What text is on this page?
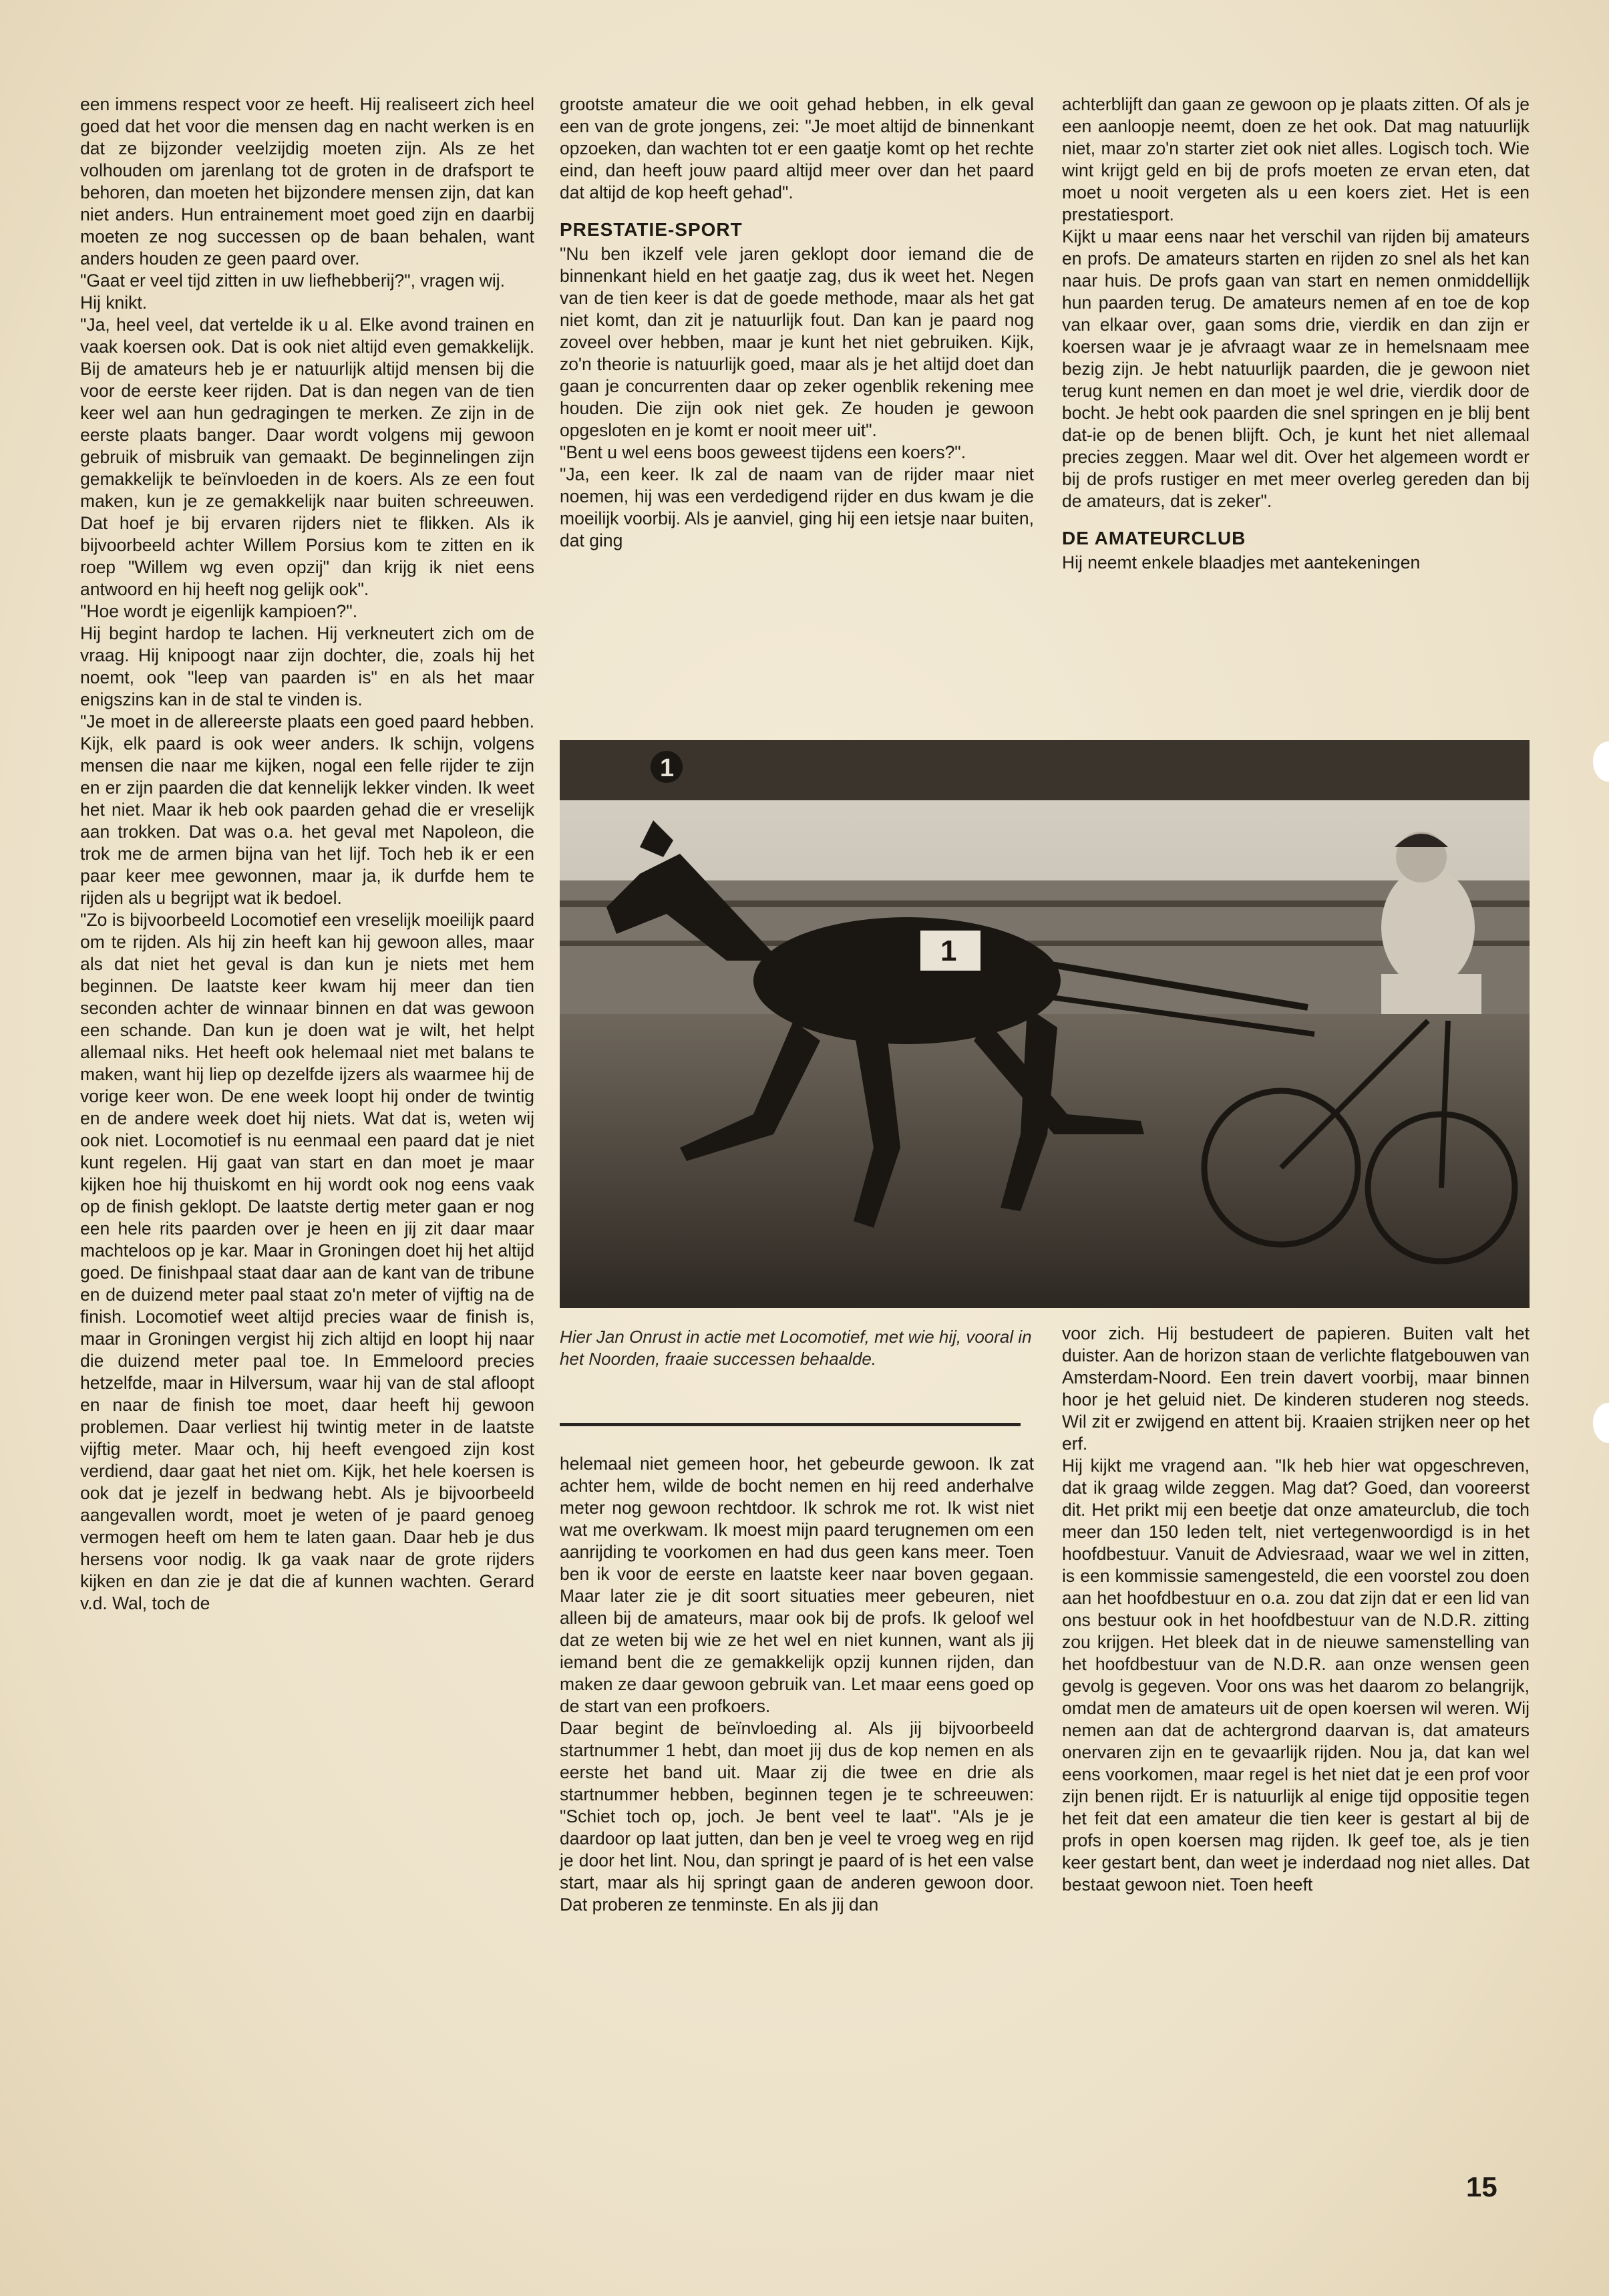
een immens respect voor ze heeft. Hij realiseert zich heel goed dat het voor die mensen dag en nacht werken is en dat ze bijzonder veelzijdig moeten zijn. Als ze het volhouden om jarenlang tot de groten in de drafsport te behoren, dan moeten het bijzondere mensen zijn, dat kan niet anders. Hun entrainement moet goed zijn en daarbij moeten ze nog successen op de baan behalen, want anders houden ze geen paard over.

"Gaat er veel tijd zitten in uw liefhebberij?", vragen wij.

Hij knikt.

"Ja, heel veel, dat vertelde ik u al. Elke avond trainen en vaak koersen ook. Dat is ook niet altijd even gemakkelijk. Bij de amateurs heb je er natuurlijk altijd mensen bij die voor de eerste keer rijden. Dat is dan negen van de tien keer wel aan hun gedragingen te merken. Ze zijn in de eerste plaats banger. Daar wordt volgens mij gewoon gebruik of misbruik van gemaakt. De beginnelingen zijn gemakkelijk te beïnvloeden in de koers. Als ze een fout maken, kun je ze gemakkelijk naar buiten schreeuwen. Dat hoef je bij ervaren rijders niet te flikken. Als ik bijvoorbeeld achter Willem Porsius kom te zitten en ik roep "Willem wg even opzij" dan krijg ik niet eens antwoord en hij heeft nog gelijk ook".

"Hoe wordt je eigenlijk kampioen?".

Hij begint hardop te lachen. Hij verkneutert zich om de vraag. Hij knipoogt naar zijn dochter, die, zoals hij het noemt, ook "leep van paarden is" en als het maar enigszins kan in de stal te vinden is.

"Je moet in de allereerste plaats een goed paard hebben. Kijk, elk paard is ook weer anders. Ik schijn, volgens mensen die naar me kijken, nogal een felle rijder te zijn en er zijn paarden die dat kennelijk lekker vinden. Ik weet het niet. Maar ik heb ook paarden gehad die er vreselijk aan trokken. Dat was o.a. het geval met Napoleon, die trok me de armen bijna van het lijf. Toch heb ik er een paar keer mee gewonnen, maar ja, ik durfde hem te rijden als u begrijpt wat ik bedoel.

"Zo is bijvoorbeeld Locomotief een vreselijk moeilijk paard om te rijden. Als hij zin heeft kan hij gewoon alles, maar als dat niet het geval is dan kun je niets met hem beginnen. De laatste keer kwam hij meer dan tien seconden achter de winnaar binnen en dat was gewoon een schande. Dan kun je doen wat je wilt, het helpt allemaal niks. Het heeft ook helemaal niet met balans te maken, want hij liep op dezelfde ijzers als waarmee hij de vorige keer won. De ene week loopt hij onder de twintig en de andere week doet hij niets. Wat dat is, weten wij ook niet. Locomotief is nu eenmaal een paard dat je niet kunt regelen. Hij gaat van start en dan moet je maar kijken hoe hij thuiskomt en hij wordt ook nog eens vaak op de finish geklopt. De laatste dertig meter gaan er nog een hele rits paarden over je heen en jij zit daar maar machteloos op je kar. Maar in Groningen doet hij het altijd goed. De finishpaal staat daar aan de kant van de tribune en de duizend meter paal staat zo'n meter of vijftig na de finish. Locomotief weet altijd precies waar de finish is, maar in Groningen vergist hij zich altijd en loopt hij naar die duizend meter paal toe. In Emmeloord precies hetzelfde, maar in Hilversum, waar hij van de stal afloopt en naar de finish toe moet, daar heeft hij gewoon problemen. Daar verliest hij twintig meter in de laatste vijftig meter. Maar och, hij heeft evengoed zijn kost verdiend, daar gaat het niet om. Kijk, het hele koersen is ook dat je jezelf in bedwang hebt. Als je bijvoorbeeld aangevallen wordt, moet je weten of je paard genoeg vermogen heeft om hem te laten gaan. Daar heb je dus hersens voor nodig. Ik ga vaak naar de grote rijders kijken en dan zie je dat die af kunnen wachten. Gerard v.d. Wal, toch de

grootste amateur die we ooit gehad hebben, in elk geval een van de grote jongens, zei: "Je moet altijd de binnenkant opzoeken, dan wachten tot er een gaatje komt op het rechte eind, dan heeft jouw paard altijd meer over dan het paard dat altijd de kop heeft gehad".

PRESTATIE-SPORT

"Nu ben ikzelf vele jaren geklopt door iemand die de binnenkant hield en het gaatje zag, dus ik weet het. Negen van de tien keer is dat de goede methode, maar als het gat niet komt, dan zit je natuurlijk fout. Dan kan je paard nog zoveel over hebben, maar je kunt het niet gebruiken. Kijk, zo'n theorie is natuurlijk goed, maar als je het altijd doet dan gaan je concurrenten daar op zeker ogenblik rekening mee houden. Die zijn ook niet gek. Ze houden je gewoon opgesloten en je komt er nooit meer uit".

"Bent u wel eens boos geweest tijdens een koers?".

"Ja, een keer. Ik zal de naam van de rijder maar niet noemen, hij was een verdedigend rijder en dus kwam je die moeilijk voorbij. Als je aanviel, ging hij een ietsje naar buiten, dat ging

achterblijft dan gaan ze gewoon op je plaats zitten. Of als je een aanloopje neemt, doen ze het ook. Dat mag natuurlijk niet, maar zo'n starter ziet ook niet alles. Logisch toch. Wie wint krijgt geld en bij de profs moeten ze ervan eten, dat moet u nooit vergeten als u een koers ziet. Het is een prestatiesport.

Kijkt u maar eens naar het verschil van rijden bij amateurs en profs. De amateurs starten en rijden zo snel als het kan naar huis. De profs gaan van start en nemen onmiddellijk hun paarden terug. De amateurs nemen af en toe de kop van elkaar over, gaan soms drie, vierdik en dan zijn er koersen waar je je afvraagt waar ze in hemelsnaam mee bezig zijn. Je hebt natuurlijk paarden, die je gewoon niet terug kunt nemen en dan moet je wel drie, vierdik door de bocht. Je hebt ook paarden die snel springen en je blij bent dat-ie op de benen blijft. Och, je kunt het niet allemaal precies zeggen. Maar wel dit. Over het algemeen wordt er bij de profs rustiger en met meer overleg gereden dan bij de amateurs, dat is zeker".

DE AMATEURCLUB

Hij neemt enkele blaadjes met aantekeningen

1
1
Hier Jan Onrust in actie met Locomotief, met wie hij, vooral in het Noorden, fraaie successen behaalde.

helemaal niet gemeen hoor, het gebeurde gewoon. Ik zat achter hem, wilde de bocht nemen en hij reed anderhalve meter nog gewoon rechtdoor. Ik schrok me rot. Ik wist niet wat me overkwam. Ik moest mijn paard terugnemen om een aanrijding te voorkomen en had dus geen kans meer. Toen ben ik voor de eerste en laatste keer naar boven gegaan. Maar later zie je dit soort situaties meer gebeuren, niet alleen bij de amateurs, maar ook bij de profs. Ik geloof wel dat ze weten bij wie ze het wel en niet kunnen, want als jij iemand bent die ze gemakkelijk opzij kunnen rijden, dan maken ze daar gewoon gebruik van. Let maar eens goed op de start van een profkoers.

Daar begint de beïnvloeding al. Als jij bijvoorbeeld startnummer 1 hebt, dan moet jij dus de kop nemen en als eerste het band uit. Maar zij die twee en drie als startnummer hebben, beginnen tegen je te schreeuwen: "Schiet toch op, joch. Je bent veel te laat". "Als je je daardoor op laat jutten, dan ben je veel te vroeg weg en rijd je door het lint. Nou, dan springt je paard of is het een valse start, maar als hij springt gaan de anderen gewoon door. Dat proberen ze tenminste. En als jij dan

voor zich. Hij bestudeert de papieren. Buiten valt het duister. Aan de horizon staan de verlichte flatgebouwen van Amsterdam-Noord. Een trein davert voorbij, maar binnen hoor je het geluid niet. De kinderen studeren nog steeds. Wil zit er zwijgend en attent bij. Kraaien strijken neer op het erf.

Hij kijkt me vragend aan. "Ik heb hier wat opgeschreven, dat ik graag wilde zeggen. Mag dat? Goed, dan vooreerst dit. Het prikt mij een beetje dat onze amateurclub, die toch meer dan 150 leden telt, niet vertegenwoordigd is in het hoofdbestuur. Vanuit de Adviesraad, waar we wel in zitten, is een kommissie samengesteld, die een voorstel zou doen aan het hoofdbestuur en o.a. zou dat zijn dat er een lid van ons bestuur ook in het hoofdbestuur van de N.D.R. zitting zou krijgen. Het bleek dat in de nieuwe samenstelling van het hoofdbestuur van de N.D.R. aan onze wensen geen gevolg is gegeven. Voor ons was het daarom zo belangrijk, omdat men de amateurs uit de open koersen wil weren. Wij nemen aan dat de achtergrond daarvan is, dat amateurs onervaren zijn en te gevaarlijk rijden. Nou ja, dat kan wel eens voorkomen, maar regel is het niet dat je een prof voor zijn benen rijdt. Er is natuurlijk al enige tijd oppositie tegen het feit dat een amateur die tien keer is gestart al bij de profs in open koersen mag rijden. Ik geef toe, als je tien keer gestart bent, dan weet je inderdaad nog niet alles. Dat bestaat gewoon niet. Toen heeft

15
